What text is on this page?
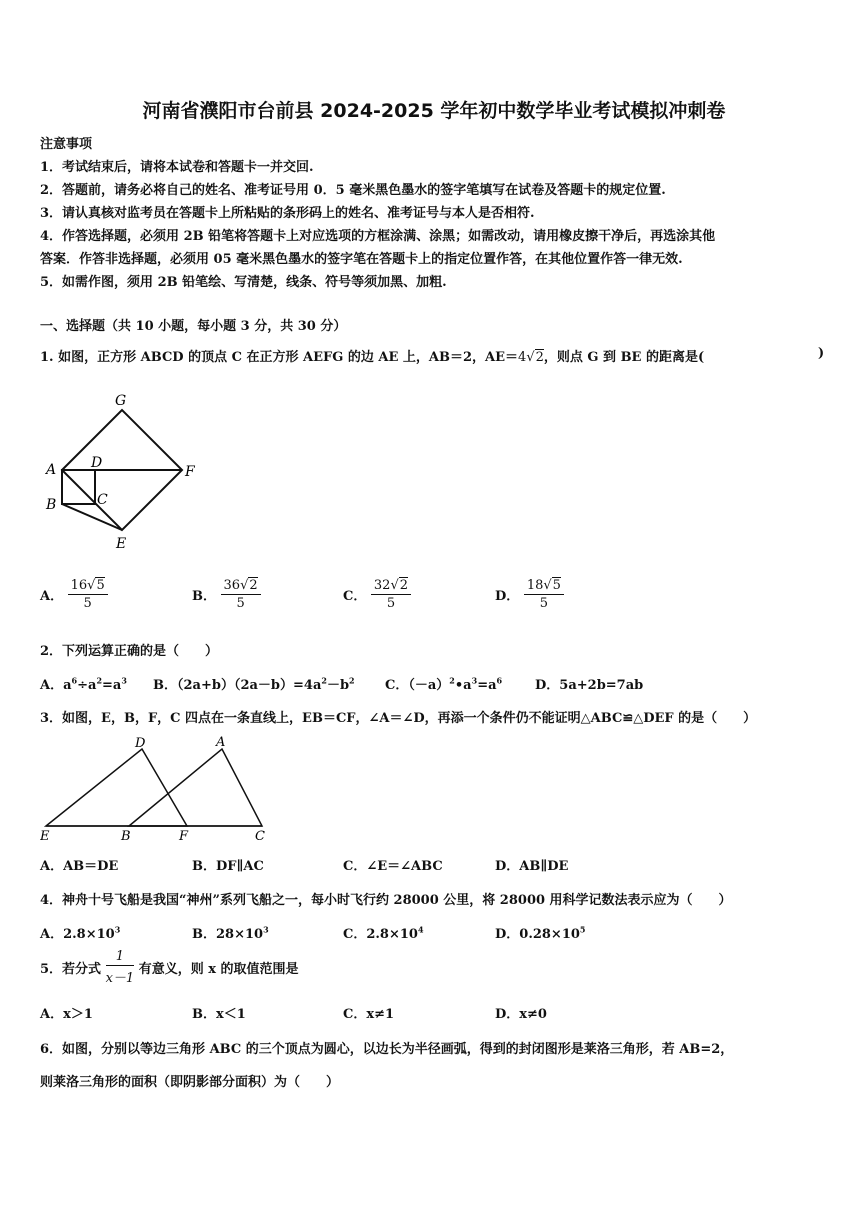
河南省濮阳市台前县 2024-2025 学年初中数学毕业考试模拟冲刺卷
注意事项
1．考试结束后，请将本试卷和答题卡一并交回.
2．答题前，请务必将自己的姓名、准考证号用 0．5 毫米黑色墨水的签字笔填写在试卷及答题卡的规定位置.
3．请认真核对监考员在答题卡上所粘贴的条形码上的姓名、准考证号与本人是否相符.
4．作答选择题，必须用 2B 铅笔将答题卡上对应选项的方框涂满、涂黑；如需改动，请用橡皮擦干净后，再选涂其他
答案．作答非选择题，必须用 05 毫米黑色墨水的签字笔在答题卡上的指定位置作答，在其他位置作答一律无效.
5．如需作图，须用 2B 铅笔绘、写清楚，线条、符号等须加黑、加粗.
一、选择题（共 10 小题，每小题 3 分，共 30 分）
1. 如图，正方形 ABCD 的顶点 C 在正方形 AEFG 的边 AE 上，AB＝2，AE＝4√2，则点 G 到 BE 的距离是(	)
G
A D
F
B	C
E
A． $\frac{16√5}{5}$	B． $\frac{36√2}{5}$	C． $\frac{32√2}{5}$	D． $\frac{18√5}{5}$
2．下列运算正确的是（　　）
A．$a^6\div a^2=a^3$ B．$(2a+b)(2a-b)=4a^2-b^2$ C．$(-a)^2•a^3=a^6$	D．5a+2b=7ab
3．如图，E，B，F，C 四点在一条直线上，EB＝CF，∠A＝∠D，再添一个条件仍不能证明△ABC≌△DEF 的是（　　）
D	A
E	B	F	C
A．AB＝DE	B．DF∥AC	C．∠E＝∠ABC	D．AB∥DE
4．神舟十号飞船是我国“神州”系列飞船之一，每小时飞行约 28000 公里，将 28000 用科学记数法表示应为（　　）
A．$2.8\times 10^3$	B．$28\times 10^3$	C．$2.8\times 10^4$	D．$0.28\times 10^5$
5．若分式 $\frac{1}{x-1}$ 有意义，则 x 的取值范围是
A．x＞1	B．x＜1	C．x≠1	D．x≠0
6．如图，分别以等边三角形 ABC 的三个顶点为圆心，以边长为半径画弧，得到的封闭图形是莱洛三角形，若 AB=2，
则莱洛三角形的面积（即阴影部分面积）为（　　）
